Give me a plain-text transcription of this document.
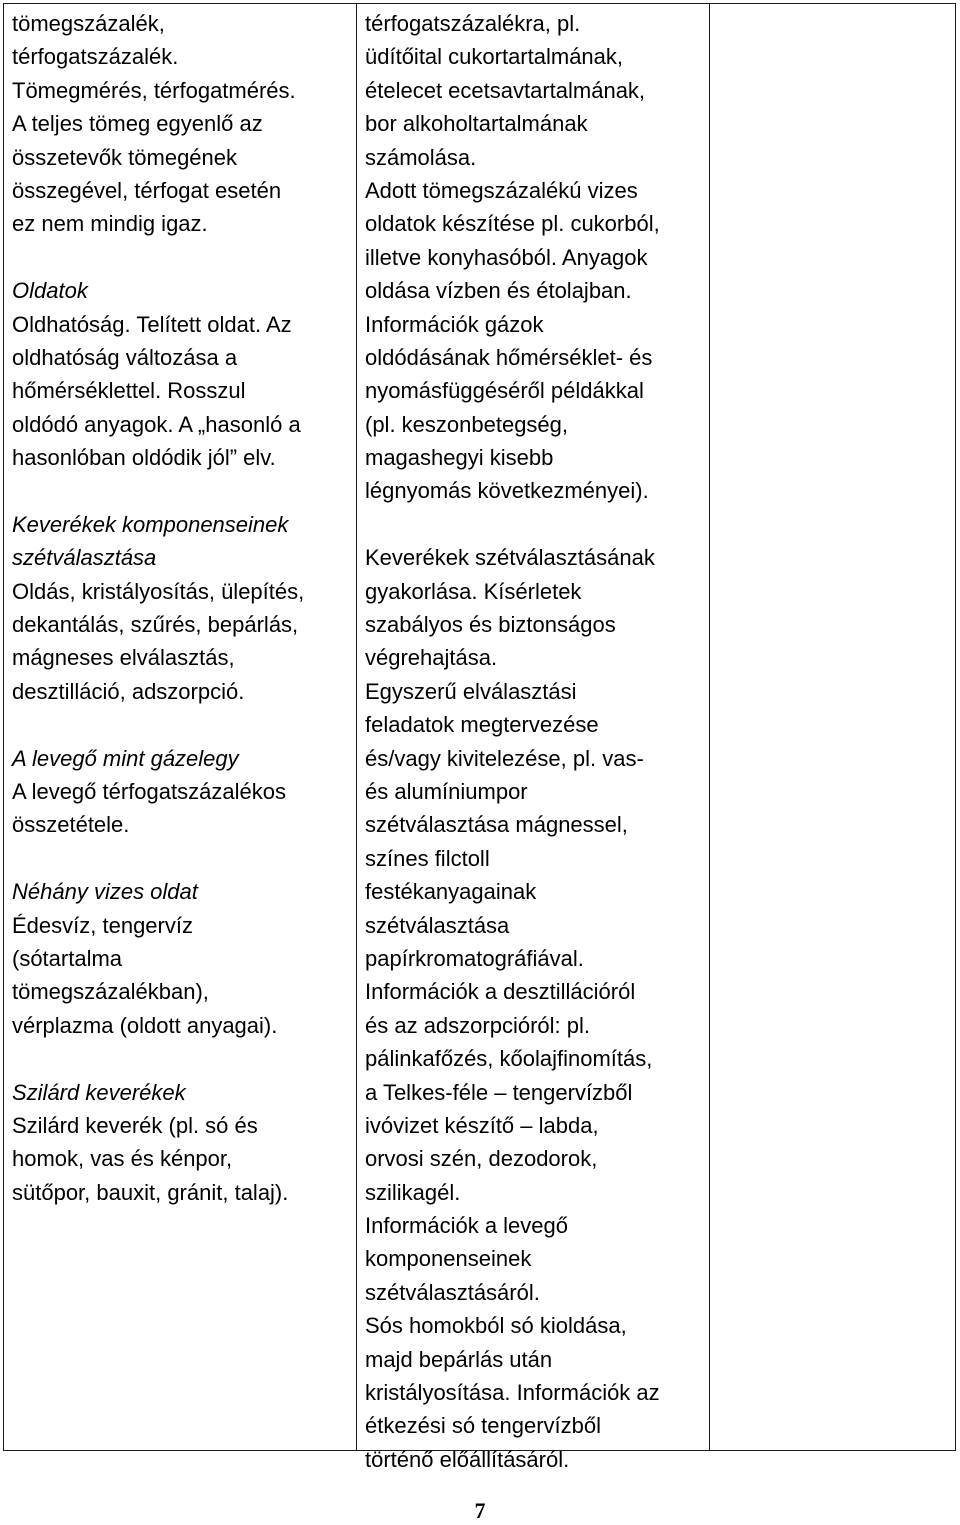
tömegszázalék,
térfogatszázalék.
Tömegmérés, térfogatmérés.
A teljes tömeg egyenlő az
összetevők tömegének
összegével, térfogat esetén
ez nem mindig igaz.
Oldatok
Oldhatóság. Telített oldat. Az
oldhatóság változása a
hőmérséklettel. Rosszul
oldódó anyagok. A „hasonló a
hasonlóban oldódik jól” elv.
Keverékek komponenseinek
szétválasztása
Oldás, kristályosítás, ülepítés,
dekantálás, szűrés, bepárlás,
mágneses elválasztás,
desztilláció, adszorpció.
A levegő mint gázelegy
A levegő térfogatszázalékos
összetétele.
Néhány vizes oldat
Édesvíz, tengervíz
(sótartalma
tömegszázalékban),
vérplazma (oldott anyagai).
Szilárd keverékek
Szilárd keverék (pl. só és
homok, vas és kénpor,
sütőpor, bauxit, gránit, talaj).
térfogatszázalékra, pl.
üdítőital cukortartalmának,
ételecet ecetsavtartalmának,
bor alkoholtartalmának
számolása.
Adott tömegszázalékú vizes
oldatok készítése pl. cukorból,
illetve konyhasóból. Anyagok
oldása vízben és étolajban.
Információk gázok
oldódásának hőmérséklet- és
nyomásfüggéséről példákkal
(pl. keszonbetegség,
magashegyi kisebb
légnyomás következményei).
Keverékek szétválasztásának
gyakorlása. Kísérletek
szabályos és biztonságos
végrehajtása.
Egyszerű elválasztási
feladatok megtervezése
és/vagy kivitelezése, pl. vas-
és alumíniumpor
szétválasztása mágnessel,
színes filctoll
festékanyagainak
szétválasztása
papírkromatográfiával.
Információk a desztillációról
és az adszorpcióról: pl.
pálinkafőzés, kőolajfinomítás,
a Telkes-féle – tengervízből
ivóvizet készítő – labda,
orvosi szén, dezodorok,
szilikagél.
Információk a levegő
komponenseinek
szétválasztásáról.
Sós homokból só kioldása,
majd bepárlás után
kristályosítása. Információk az
étkezési só tengervízből
történő előállításáról.
7
